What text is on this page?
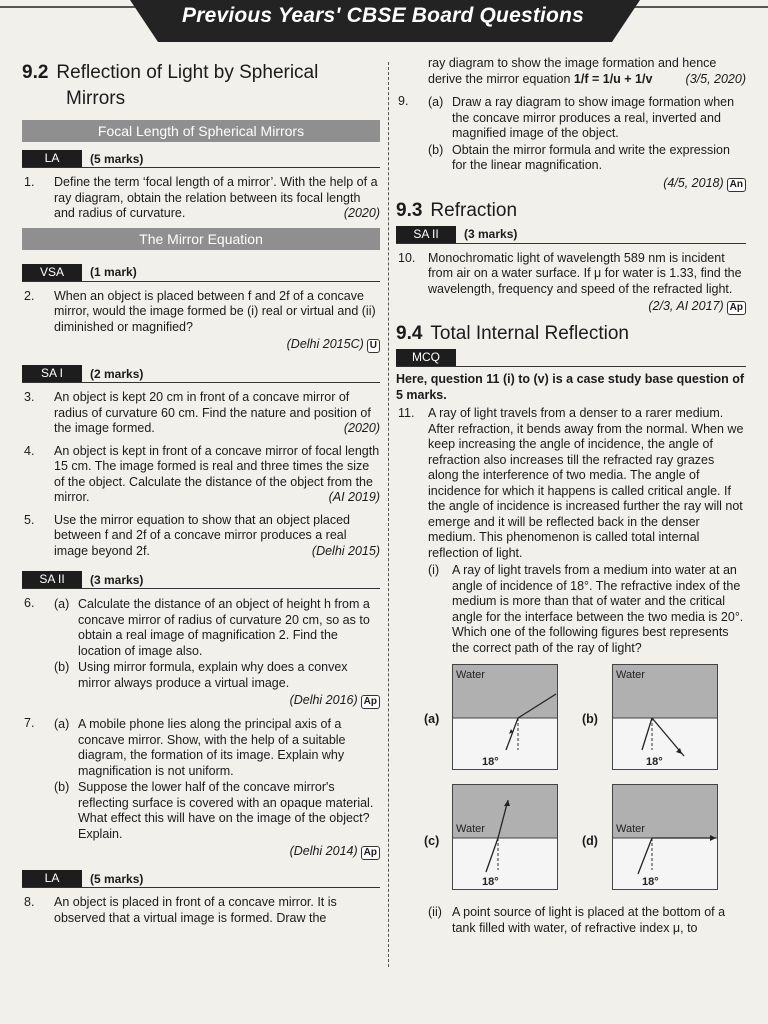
Previous Years' CBSE Board Questions
9.2 Reflection of Light by Spherical
Mirrors
Focal Length of Spherical Mirrors
LA	(5 marks)
1.	Define the term ‘focal length of a mirror’. With the help of a ray diagram, obtain the relation between its focal length and radius of curvature.	(2020)
The Mirror Equation
VSA	(1 mark)
2.	When an object is placed between f and 2f of a concave mirror, would the image formed be (i) real or virtual and (ii) diminished or magnified?
(Delhi 2015C) U
SA I	(2 marks)
3.	An object is kept 20 cm in front of a concave mirror of radius of curvature 60 cm. Find the nature and position of the image formed.	(2020)
4.	An object is kept in front of a concave mirror of focal length 15 cm. The image formed is real and three times the size of the object. Calculate the distance of the object from the mirror.	(AI 2019)
5.	Use the mirror equation to show that an object placed between f and 2f of a concave mirror produces a real image beyond 2f.	(Delhi 2015)
SA II	(3 marks)
6.	(a) Calculate the distance of an object of height h from a concave mirror of radius of curvature 20 cm, so as to obtain a real image of magnification 2. Find the location of image also.
(b) Using mirror formula, explain why does a convex mirror always produce a virtual image.
(Delhi 2016) Ap
7.	(a) A mobile phone lies along the principal axis of a concave mirror. Show, with the help of a suitable diagram, the formation of its image. Explain why magnification is not uniform.
(b) Suppose the lower half of the concave mirror's reflecting surface is covered with an opaque material. What effect this will have on the image of the object? Explain.
(Delhi 2014) Ap
LA	(5 marks)
8.	An object is placed in front of a concave mirror. It is observed that a virtual image is formed. Draw the
ray diagram to show the image formation and hence derive the mirror equation 1/f = 1/u + 1/v	(3/5, 2020)
9.	(a) Draw a ray diagram to show image formation when the concave mirror produces a real, inverted and magnified image of the object.
(b) Obtain the mirror formula and write the expression for the linear magnification.
(4/5, 2018) An
9.3 Refraction
SA II	(3 marks)
10.	Monochromatic light of wavelength 589 nm is incident from air on a water surface. If μ for water is 1.33, find the wavelength, frequency and speed of the refracted light.
(2/3, AI 2017) Ap
9.4 Total Internal Reflection
MCQ
Here, question 11 (i) to (v) is a case study base question of 5 marks.
11.	A ray of light travels from a denser to a rarer medium. After refraction, it bends away from the normal. When we keep increasing the angle of incidence, the angle of refraction also increases till the refracted ray grazes along the interference of two media. The angle of incidence for which it happens is called critical angle. If the angle of incidence is increased further the ray will not emerge and it will be reflected back in the denser medium. This phenomenon is called total internal reflection of light.
(i)	A ray of light travels from a medium into water at an angle of incidence of 18°. The refractive index of the medium is more than that of water and the critical angle for the interface between the two media is 20°. Which one of the following figures best represents the correct path of the ray of light?
(a)
Water
18°
(b)
Water
18°
(c)
Water
18°
(d)
Water
18°
(ii) A point source of light is placed at the bottom of a tank filled with water, of refractive index μ, to
